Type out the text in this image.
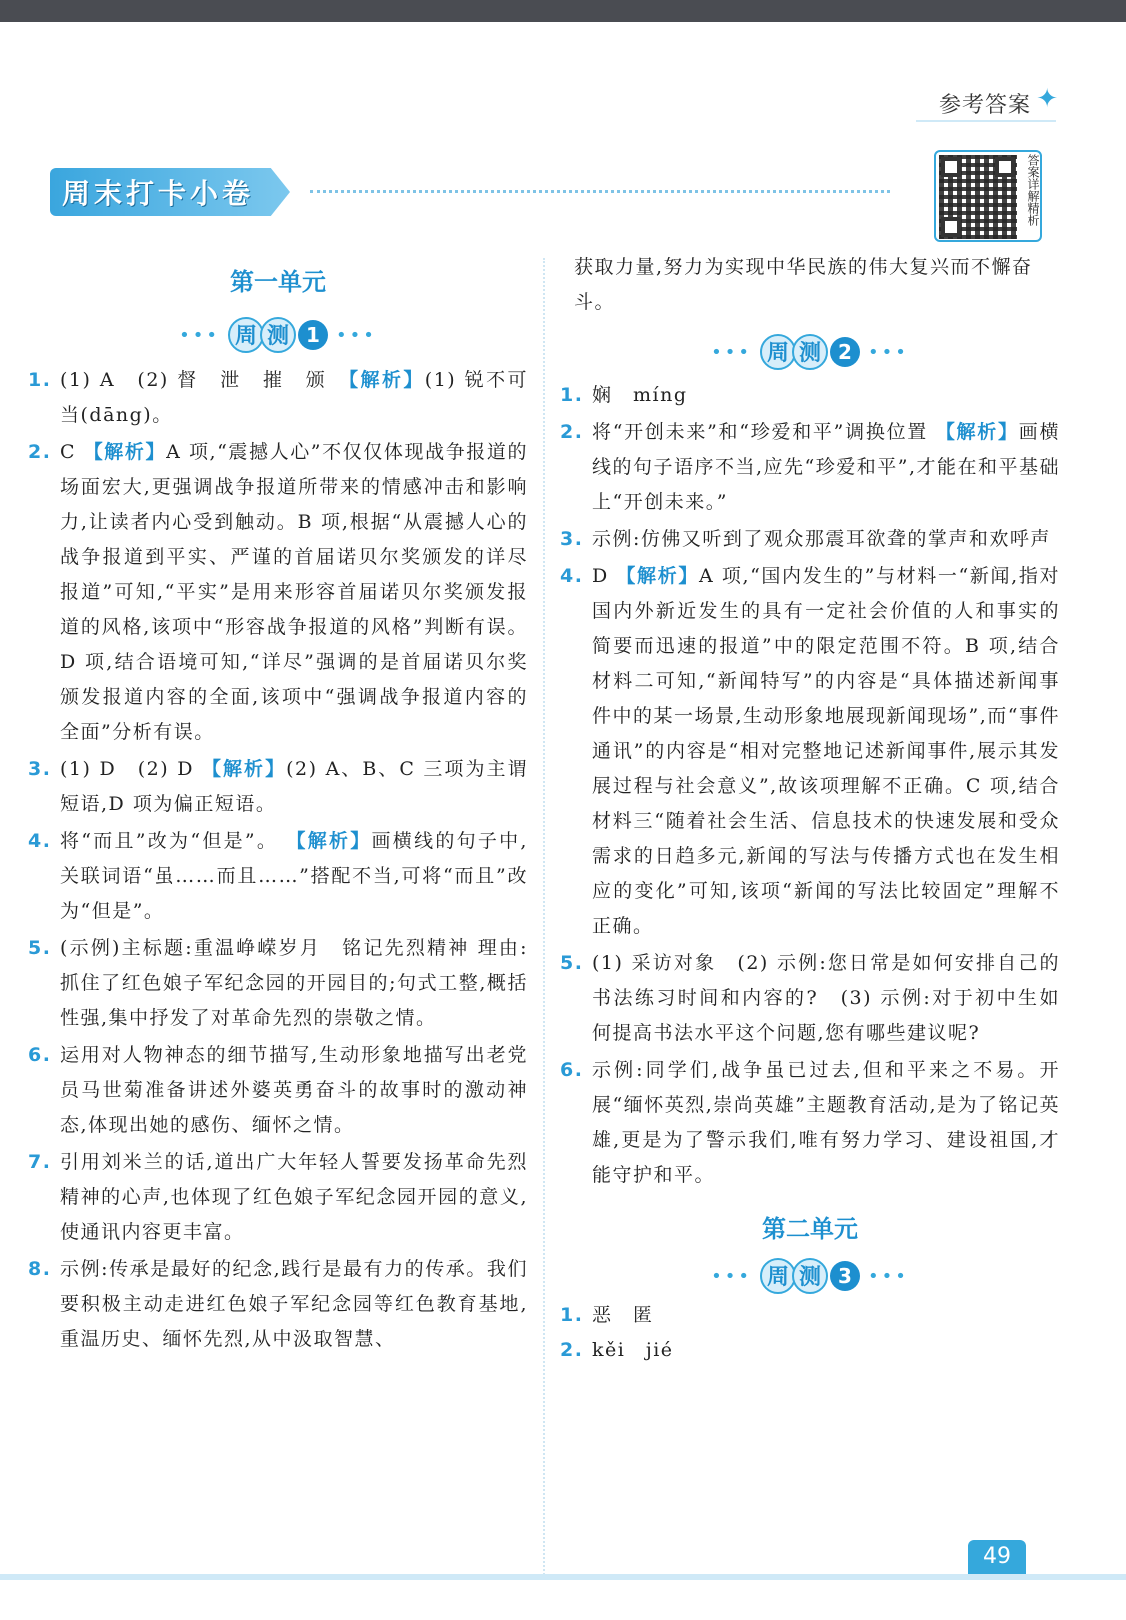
参考答案 ✦
周末打卡小卷	答案详解精析
第一单元
••• 周 测 1 •••
1. (1) A　(2) 督　泄　摧　颁　【解析】(1) 锐不可当(dāng)。
2. C 【解析】A 项,“震撼人心”不仅仅体现战争报道的场面宏大,更强调战争报道所带来的情感冲击和影响力,让读者内心受到触动。B 项,根据“从震撼人心的战争报道到平实、严谨的首届诺贝尔奖颁发的详尽报道”可知,“平实”是用来形容首届诺贝尔奖颁发报道的风格,该项中“形容战争报道的风格”判断有误。D 项,结合语境可知,“详尽”强调的是首届诺贝尔奖颁发报道内容的全面,该项中“强调战争报道内容的全面”分析有误。
3. (1) D　(2) D 【解析】(2) A、B、C 三项为主谓短语,D 项为偏正短语。
4. 将“而且”改为“但是”。 【解析】画横线的句子中,关联词语“虽……而且……”搭配不当,可将“而且”改为“但是”。
5. (示例)主标题:重温峥嵘岁月　铭记先烈精神 理由:抓住了红色娘子军纪念园的开园目的;句式工整,概括性强,集中抒发了对革命先烈的崇敬之情。
6. 运用对人物神态的细节描写,生动形象地描写出老党员马世菊准备讲述外婆英勇奋斗的故事时的激动神态,体现出她的感伤、缅怀之情。
7. 引用刘米兰的话,道出广大年轻人誓要发扬革命先烈精神的心声,也体现了红色娘子军纪念园开园的意义,使通讯内容更丰富。
8. 示例:传承是最好的纪念,践行是最有力的传承。我们要积极主动走进红色娘子军纪念园等红色教育基地,重温历史、缅怀先烈,从中汲取智慧、
获取力量,努力为实现中华民族的伟大复兴而不懈奋斗。
••• 周 测 2 •••
1. 娴　míng
2. 将“开创未来”和“珍爱和平”调换位置 【解析】画横线的句子语序不当,应先“珍爱和平”,才能在和平基础上“开创未来。”
3. 示例:仿佛又听到了观众那震耳欲聋的掌声和欢呼声
4. D 【解析】A 项,“国内发生的”与材料一“新闻,指对国内外新近发生的具有一定社会价值的人和事实的简要而迅速的报道”中的限定范围不符。B 项,结合材料二可知,“新闻特写”的内容是“具体描述新闻事件中的某一场景,生动形象地展现新闻现场”,而“事件通讯”的内容是“相对完整地记述新闻事件,展示其发展过程与社会意义”,故该项理解不正确。C 项,结合材料三“随着社会生活、信息技术的快速发展和受众需求的日趋多元,新闻的写法与传播方式也在发生相应的变化”可知,该项“新闻的写法比较固定”理解不正确。
5. (1) 采访对象　(2) 示例:您日常是如何安排自己的书法练习时间和内容的?　(3) 示例:对于初中生如何提高书法水平这个问题,您有哪些建议呢?
6. 示例:同学们,战争虽已过去,但和平来之不易。开展“缅怀英烈,崇尚英雄”主题教育活动,是为了铭记英雄,更是为了警示我们,唯有努力学习、建设祖国,才能守护和平。
第二单元
••• 周 测 3 •••
1. 恶　匿
2. kěi　jié
49
